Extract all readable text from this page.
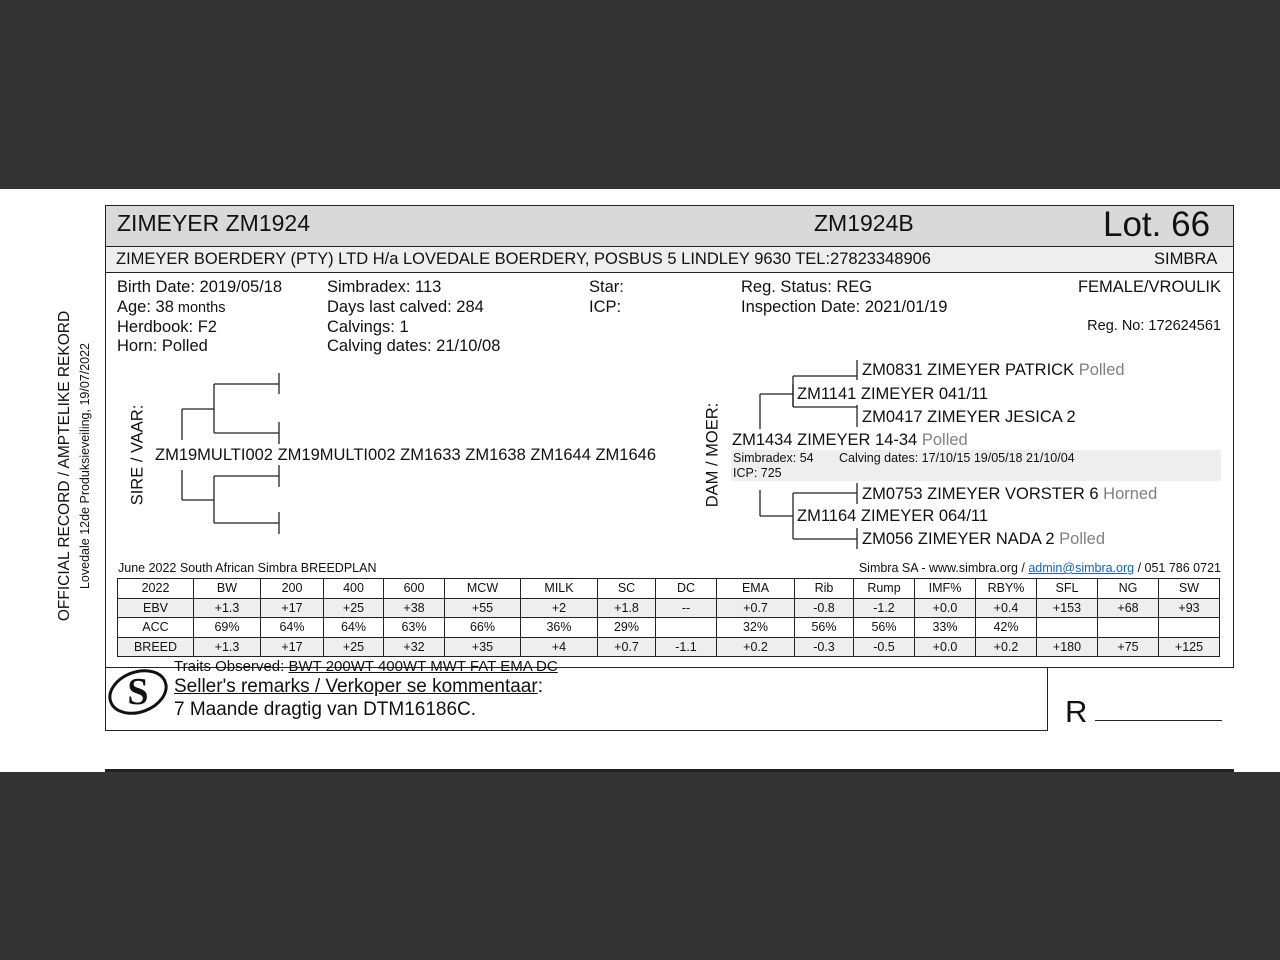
OFFICIAL RECORD / AMPTELIKE REKORD Lovedale 12de Produksieveiling, 19/07/2022
ZIMEYER ZM1924	ZM1924B	Lot. 66
ZIMEYER BOERDERY (PTY) LTD H/a LOVEDALE BOERDERY, POSBUS 5 LINDLEY 9630 TEL:27823348906	SIMBRA
Birth Date: 2019/05/18
Age: 38 months
Herdbook: F2
Horn: Polled
Simbradex: 113
Days last calved: 284
Calvings: 1
Calving dates: 21/10/08
Star:
ICP:
Reg. Status: REG
Inspection Date: 2021/01/19
FEMALE/VROULIK
Reg. No: 172624561
SIRE / VAAR: ZM19MULTI002 ZM19MULTI002 ZM1633 ZM1638 ZM1644 ZM1646	DAM / MOER:
ZM0831 ZIMEYER PATRICK Polled
ZM1141 ZIMEYER 041/11
ZM0417 ZIMEYER JESICA 2
ZM1434 ZIMEYER 14-34 Polled
Simbradex: 54 Calving dates: 17/10/15 19/05/18 21/10/04
ICP: 725
ZM0753 ZIMEYER VORSTER 6 Horned
ZM1164 ZIMEYER 064/11
ZM056 ZIMEYER NADA 2 Polled
June 2022 South African Simbra BREEDPLAN	Simbra SA - www.simbra.org / admin@simbra.org / 051 786 0721
2022	BW	200	400	600	MCW	MILK	SC	DC	EMA	Rib	Rump	IMF%	RBY%	SFL	NG	SW
EBV	+1.3	+17	+25	+38	+55	+2	+1.8	--	+0.7	-0.8	-1.2	+0.0	+0.4	+153	+68	+93
ACC	69%	64%	64%	63%	66%	36%	29%		32%	56%	56%	33%	42%			
BREED	+1.3	+17	+25	+32	+35	+4	+0.7	-1.1	+0.2	-0.3	-0.5	+0.0	+0.2	+180	+75	+125
S
Traits Observed: BWT 200WT 400WT MWT FAT EMA DC
Seller's remarks / Verkoper se kommentaar:
7 Maande dragtig van DTM16186C.	R
